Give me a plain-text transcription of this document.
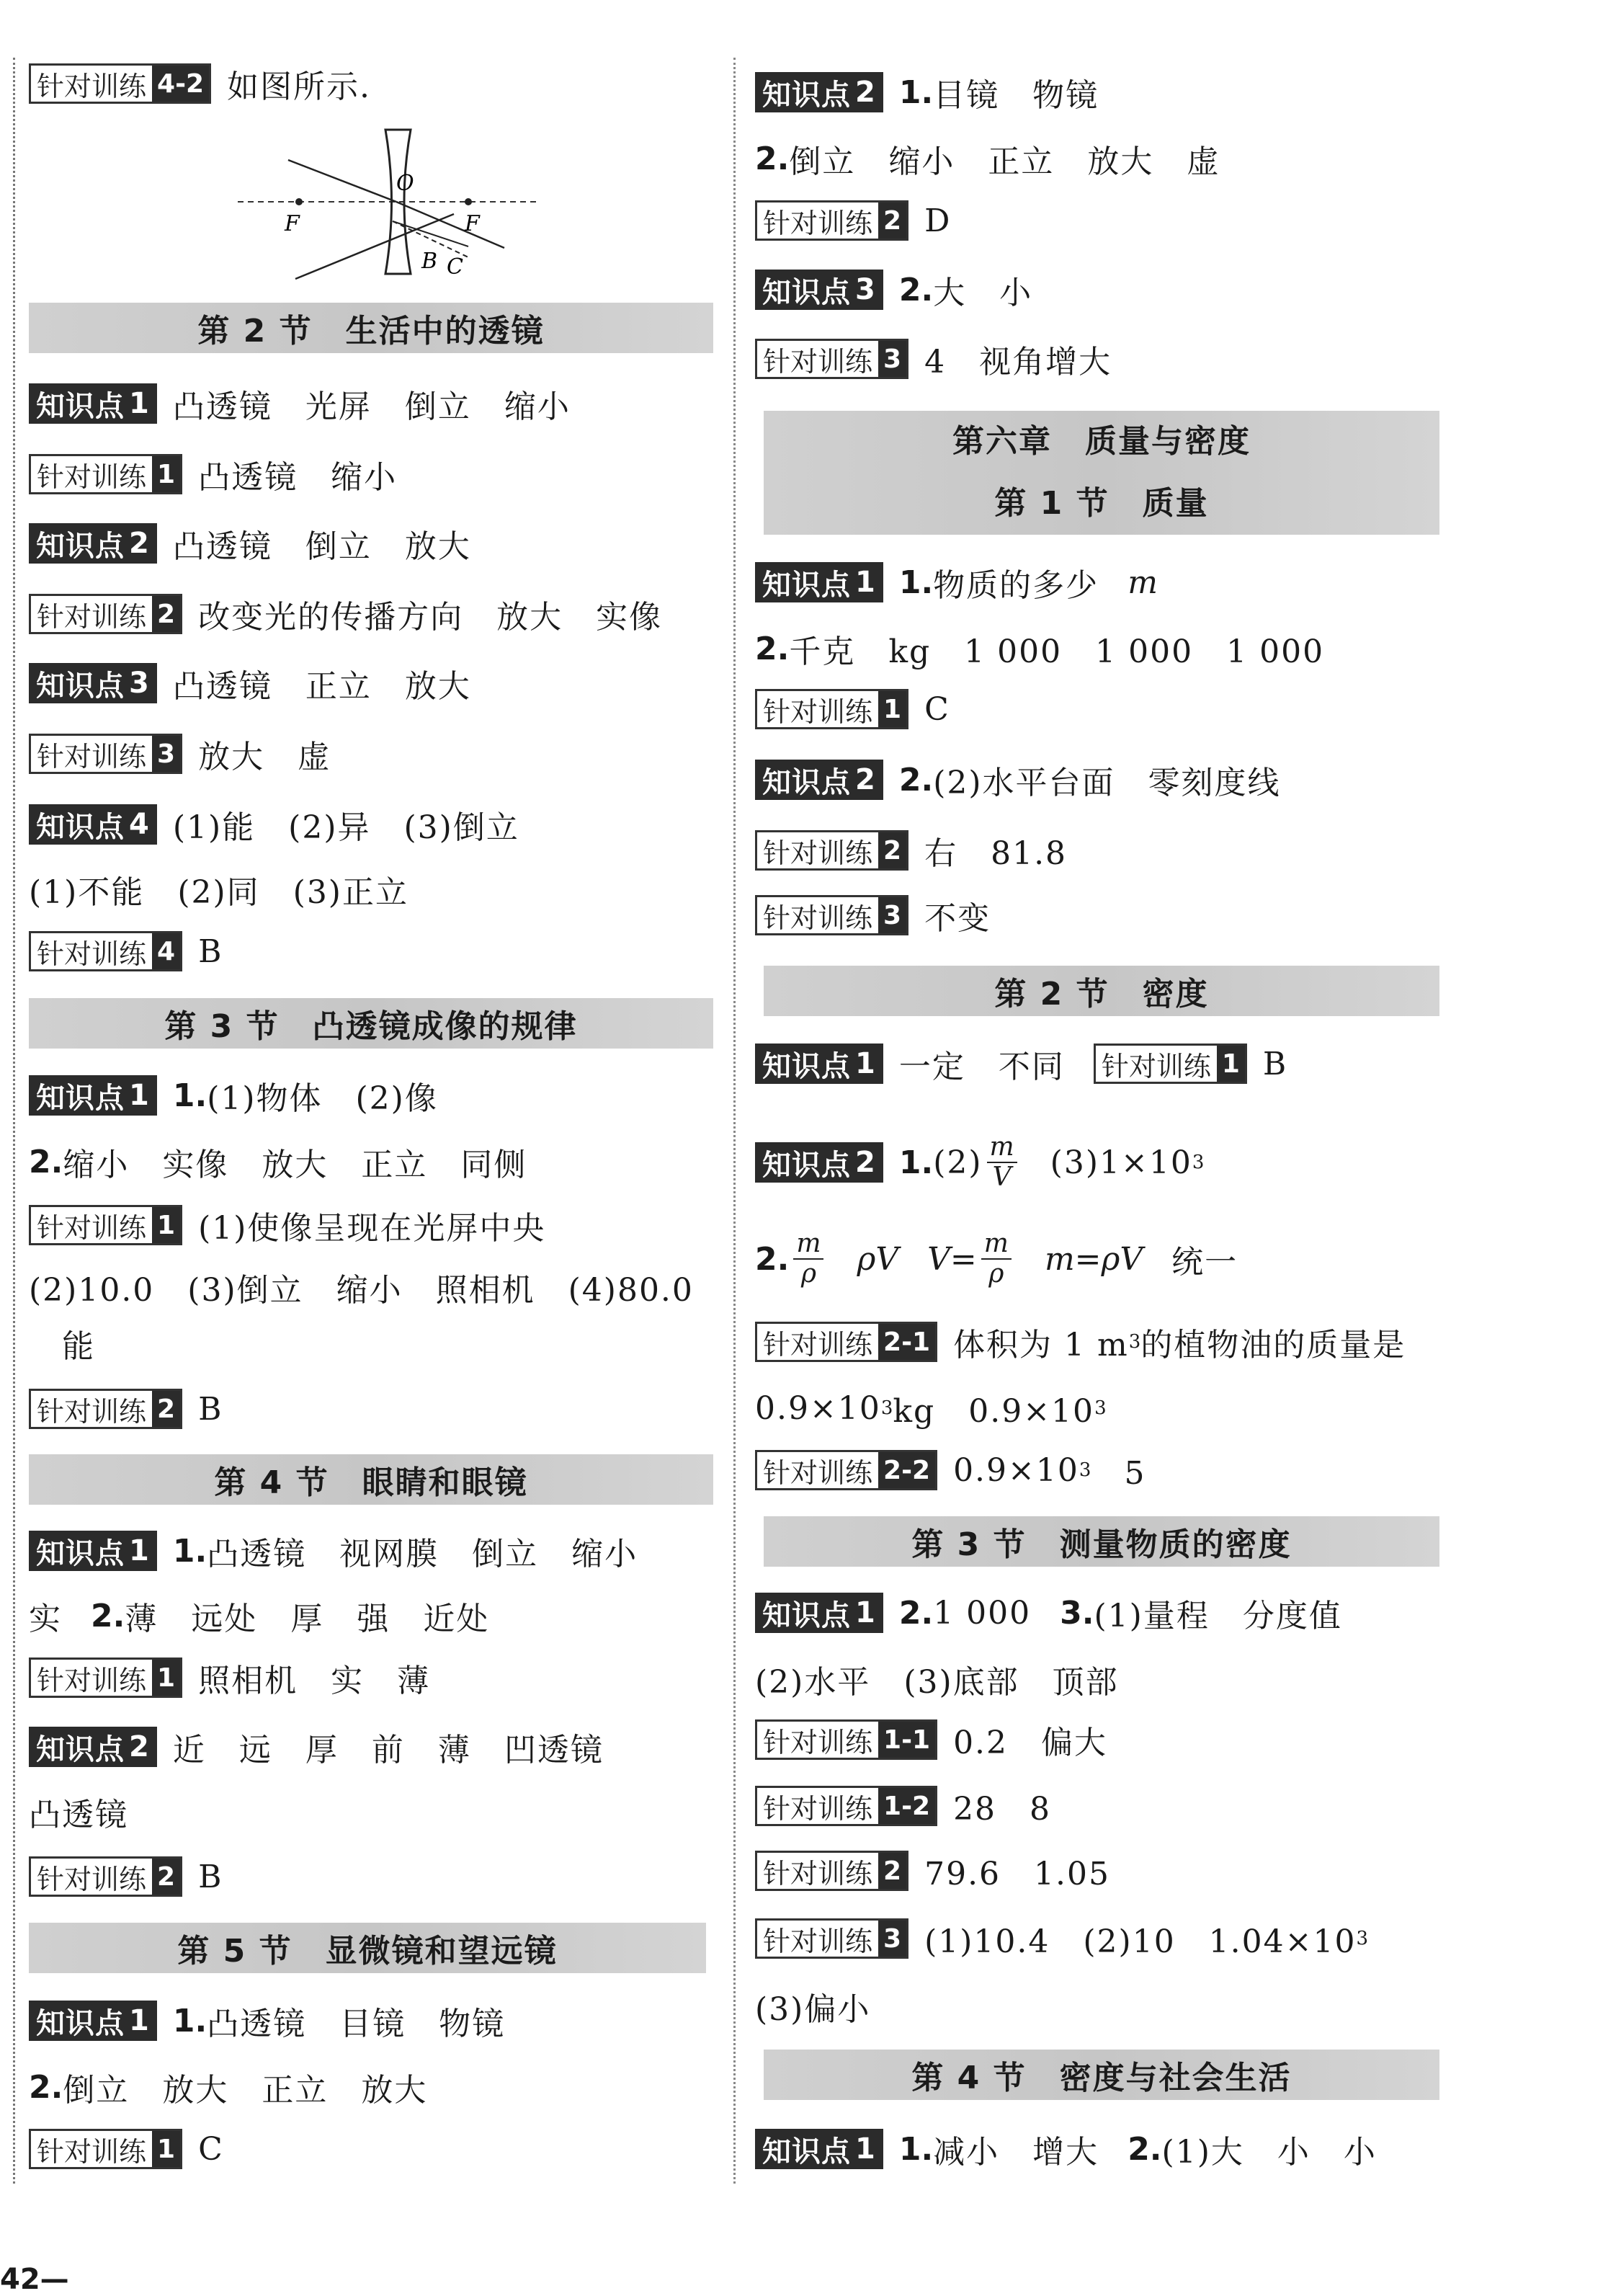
针对训练 4-2 如图所示.
O
F	F
B C
第 2 节　生活中的透镜
知识点 1 凸透镜　光屏　倒立　缩小
针对训练 1 凸透镜　缩小
知识点 2 凸透镜　倒立　放大
针对训练 2 改变光的传播方向　放大　实像
知识点 3 凸透镜　正立　放大
针对训练 3 放大　虚
知识点 4 (1)能　(2)异　(3)倒立
(1)不能　(2)同　(3)正立
针对训练 4 B
第 3 节　凸透镜成像的规律
知识点 1 1. (1)物体　(2)像
2. 缩小　实像　放大　正立　同侧
针对训练 1 (1)使像呈现在光屏中央
(2)10.0　(3)倒立　缩小　照相机　(4)80.0
能
针对训练 2 B
第 4 节　眼睛和眼镜
知识点 1 1. 凸透镜　视网膜　倒立　缩小
实 2. 薄　远处　厚　强　近处
针对训练 1 照相机　实　薄
知识点 2 近　远　厚　前　薄　凹透镜
凸透镜
针对训练 2 B
第 5 节　显微镜和望远镜
知识点 1 1. 凸透镜　目镜　物镜
2. 倒立　放大　正立　放大
针对训练 1 C
知识点 2 1. 目镜　物镜
2. 倒立　缩小　正立　放大　虚
针对训练 2 D
知识点 3 2. 大　小
针对训练 3 4　视角增大
第六章　质量与密度
第 1 节　质量
知识点 1 1. 物质的多少 m
2. 千克　kg　1 000　1 000　1 000
针对训练 1 C
知识点 2 2. (2)水平台面　零刻度线
针对训练 2 右　81.8
针对训练 3 不变
第 2 节　密度
知识点 1 一定　不同 针对训练 1 B
知识点 2 1. $(2) \frac{m}{V} (3)1\times 10$ 3
2. $\frac{m}{\rho}$ ρV $V= \frac{m}{\rho} m=\rho V$ 统一
针对训练 2-1 体积为 1 m 3 的植物油的质量是
0.9×10 3 kg　0.9×10 3
针对训练 2-2 0.9×10 3 　5
第 3 节　测量物质的密度
知识点 1 2. 1 000 3. (1)量程　分度值
(2)水平　(3)底部　顶部
针对训练 1-1 0.2　偏大
针对训练 1-2 28　8
针对训练 2 79.6　1.05
针对训练 3 (1)10.4　(2)10　1.04×10 3
(3)偏小
第 4 节　密度与社会生活
知识点 1 1. 减小　增大 2. (1)大　小　小
42—
